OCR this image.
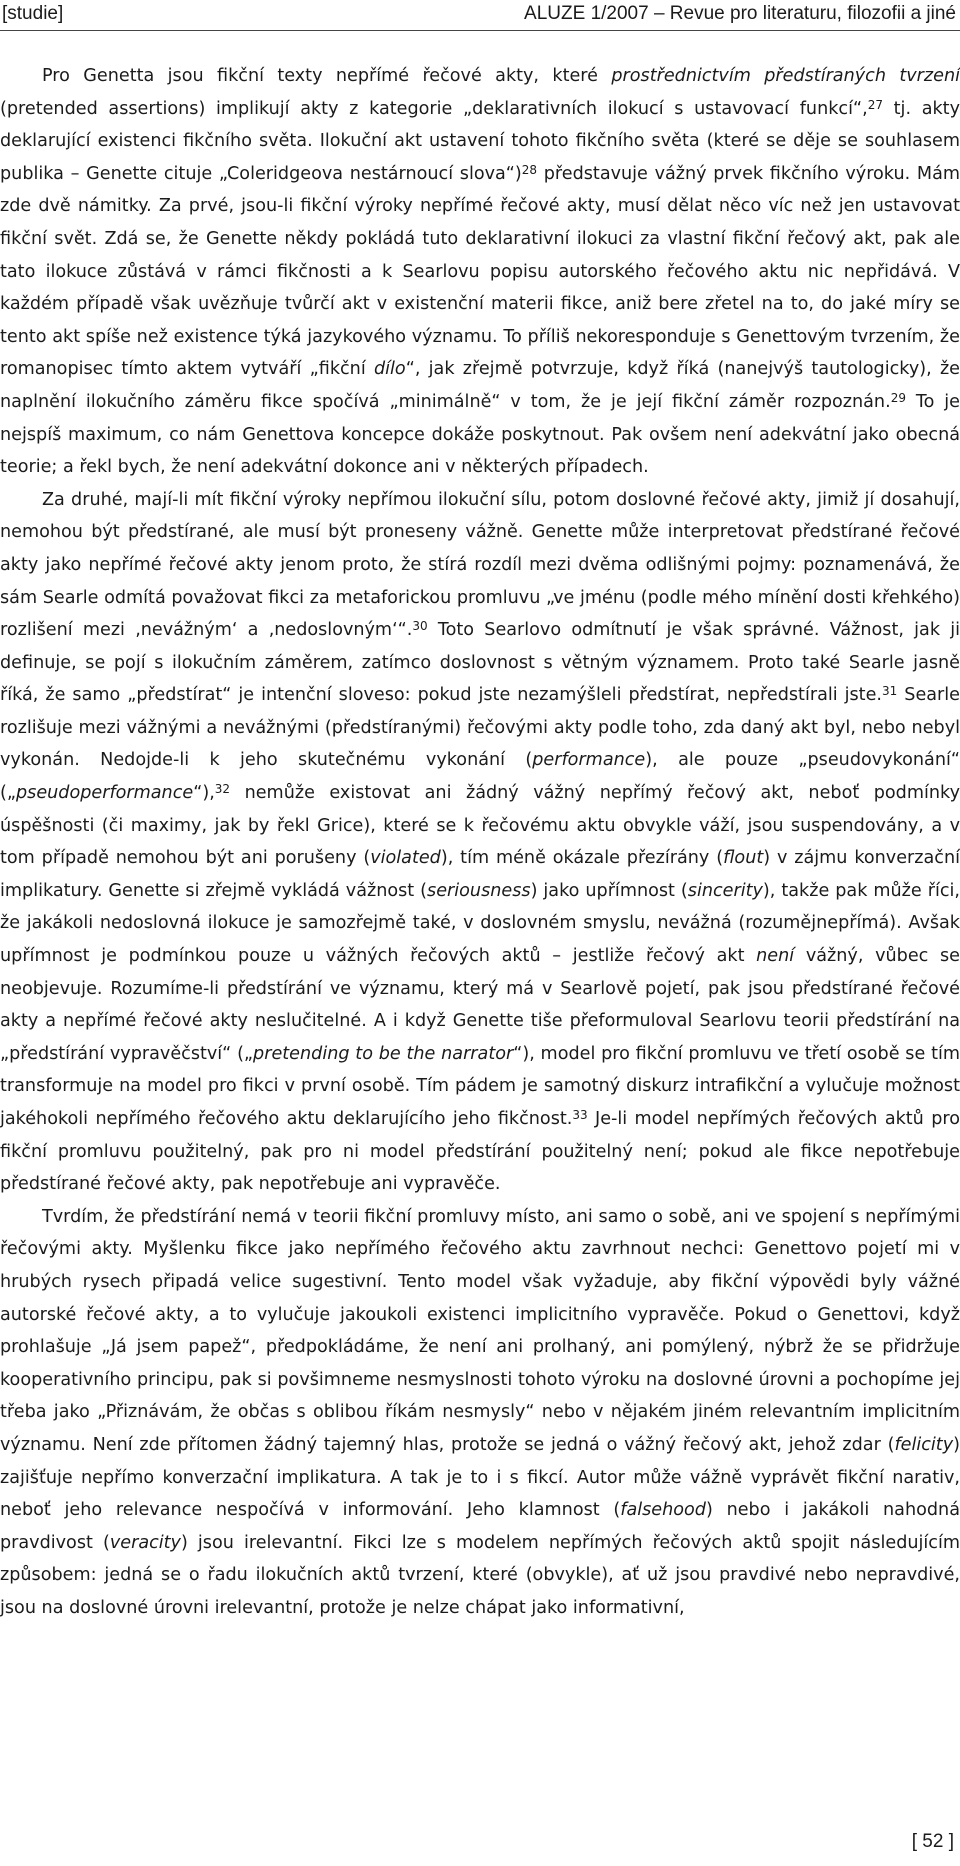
[studie]	ALUZE 1/2007 – Revue pro literaturu, filozofii a jiné

Pro Genetta jsou fikční texty nepřímé řečové akty, které prostřednictvím předstíraných tvrzení (pretended assertions) implikují akty z kategorie „deklarativních ilokucí s ustavovací funkcí“,$^{27}$ tj. akty deklarující existenci fikčního světa. Ilokuční akt ustavení tohoto fikčního světa (které se děje se souhlasem publika – Genette cituje „Coleridgeova nestárnoucí slova“)$^{28}$ představuje vážný prvek fikčního výroku. Mám zde dvě námitky. Za prvé, jsou-li fikční výroky nepřímé řečové akty, musí dělat něco víc než jen ustavovat fikční svět. Zdá se, že Genette někdy pokládá tuto deklarativní ilokuci za vlastní fikční řečový akt, pak ale tato ilokuce zůstává v rámci fikčnosti a k Searlovu popisu autorského řečového aktu nic nepřidává. V každém případě však uvězňuje tvůrčí akt v existenční materii fikce, aniž bere zřetel na to, do jaké míry se tento akt spíše než existence týká jazykového významu. To příliš nekoresponduje s Genettovým tvrzením, že romanopisec tímto aktem vytváří „fikční dílo“, jak zřejmě potvrzuje, když říká (nanejvýš tautologicky), že naplnění ilokučního záměru fikce spočívá „minimálně“ v tom, že je její fikční záměr rozpoznán.$^{29}$ To je nejspíš maximum, co nám Genettova koncepce dokáže poskytnout. Pak ovšem není adekvátní jako obecná teorie; a řekl bych, že není adekvátní dokonce ani v některých případech.

Za druhé, mají-li mít fikční výroky nepřímou ilokuční sílu, potom doslovné řečové akty, jimiž jí dosahují, nemohou být předstírané, ale musí být proneseny vážně. Genette může interpretovat předstírané řečové akty jako nepřímé řečové akty jenom proto, že stírá rozdíl mezi dvěma odlišnými pojmy: poznamenává, že sám Searle odmítá považovat fikci za metaforickou promluvu „ve jménu (podle mého mínění dosti křehkého) rozlišení mezi ‚nevážným‘ a ‚nedoslovným‘“.$^{30}$ Toto Searlovo odmítnutí je však správné. Vážnost, jak ji definuje, se pojí s ilokučním záměrem, zatímco doslovnost s větným významem. Proto také Searle jasně říká, že samo „předstírat“ je intenční sloveso: pokud jste nezamýšleli předstírat, nepředstírali jste.$^{31}$ Searle rozlišuje mezi vážnými a nevážnými (předstíranými) řečovými akty podle toho, zda daný akt byl, nebo nebyl vykonán. Nedojde-li k jeho skutečnému vykonání (performance), ale pouze „pseudovykonání“ („pseudoperformance“),$^{32}$ nemůže existovat ani žádný vážný nepřímý řečový akt, neboť podmínky úspěšnosti (či maximy, jak by řekl Grice), které se k řečovému aktu obvykle váží, jsou suspendovány, a v tom případě nemohou být ani porušeny (violated), tím méně okázale přezírány (flout) v zájmu konverzační implikatury. Genette si zřejmě vykládá vážnost (seriousness) jako upřímnost (sincerity), takže pak může říci, že jakákoli nedoslovná ilokuce je samozřejmě také, v doslovném smyslu, nevážná (rozumějnepřímá). Avšak upřímnost je podmínkou pouze u vážných řečových aktů – jestliže řečový akt není vážný, vůbec se neobjevuje. Rozumíme-li předstírání ve významu, který má v Searlově pojetí, pak jsou předstírané řečové akty a nepřímé řečové akty neslučitelné. A i když Genette tiše přeformuloval Searlovu teorii předstírání na „předstírání vypravěčství“ („pretending to be the narrator“), model pro fikční promluvu ve třetí osobě se tím transformuje na model pro fikci v první osobě. Tím pádem je samotný diskurz intrafikční a vylučuje možnost jakéhokoli nepřímého řečového aktu deklarujícího jeho fikčnost.$^{33}$ Je-li model nepřímých řečových aktů pro fikční promluvu použitelný, pak pro ni model předstírání použitelný není; pokud ale fikce nepotřebuje předstírané řečové akty, pak nepotřebuje ani vypravěče.

Tvrdím, že předstírání nemá v teorii fikční promluvy místo, ani samo o sobě, ani ve spojení s nepřímými řečovými akty. Myšlenku fikce jako nepřímého řečového aktu zavrhnout nechci: Genettovo pojetí mi v hrubých rysech připadá velice sugestivní. Tento model však vyžaduje, aby fikční výpovědi byly vážné autorské řečové akty, a to vylučuje jakoukoli existenci implicitního vypravěče. Pokud o Genettovi, když prohlašuje „Já jsem papež“, předpokládáme, že není ani prolhaný, ani pomýlený, nýbrž že se přidržuje kooperativního principu, pak si povšimneme nesmyslnosti tohoto výroku na doslovné úrovni a pochopíme jej třeba jako „Přiznávám, že občas s oblibou říkám nesmysly“ nebo v nějakém jiném relevantním implicitním významu. Není zde přítomen žádný tajemný hlas, protože se jedná o vážný řečový akt, jehož zdar (felicity) zajišťuje nepřímo konverzační implikatura. A tak je to i s fikcí. Autor může vážně vyprávět fikční narativ, neboť jeho relevance nespočívá v informování. Jeho klamnost (falsehood) nebo i jakákoli nahodná pravdivost (veracity) jsou irelevantní. Fikci lze s modelem nepřímých řečových aktů spojit následujícím způsobem: jedná se o řadu ilokučních aktů tvrzení, které (obvykle), ať už jsou pravdivé nebo nepravdivé, jsou na doslovné úrovni irelevantní, protože je nelze chápat jako informativní,

[ 52 ]
